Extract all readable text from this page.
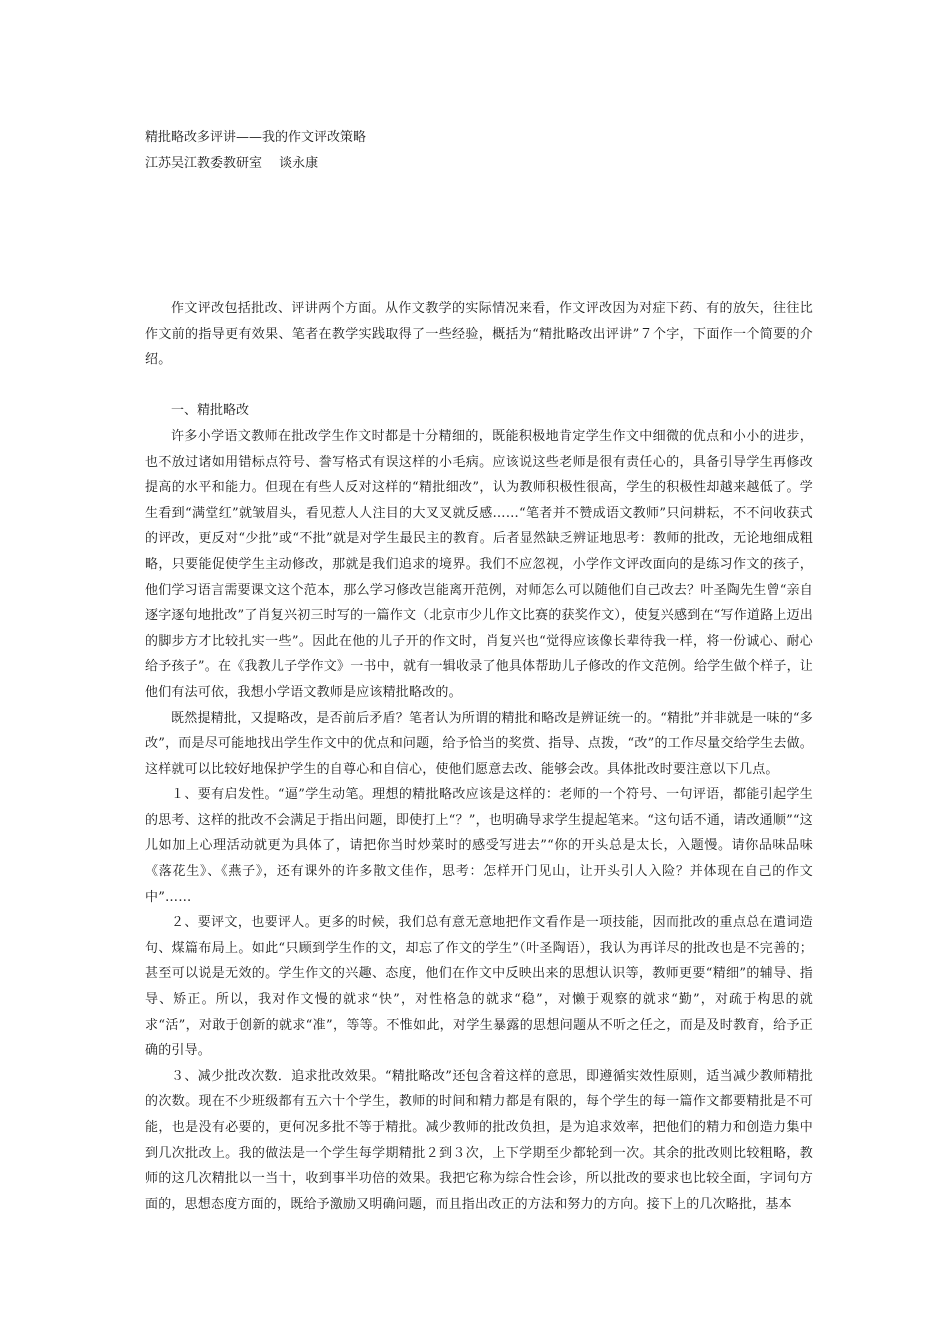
精批略改多评讲——我的作文评改策略

江苏吴江教委教研室　 谈永康

作文评改包括批改、评讲两个方面。从作文教学的实际情况来看，作文评改因为对症下药、有的放矢，往往比作文前的指导更有效果、笔者在教学实践取得了一些经验，概括为“精批略改出评讲”７个字，下面作一个简要的介绍。

一、精批略改

许多小学语文教师在批改学生作文时都是十分精细的，既能积极地肯定学生作文中细微的优点和小小的进步，也不放过诸如用错标点符号、誊写格式有误这样的小毛病。应该说这些老师是很有责任心的，具备引导学生再修改提高的水平和能力。但现在有些人反对这样的“精批细改”，认为教师积极性很高，学生的积极性却越来越低了。学生看到“满堂红”就皱眉头，看见惹人人注目的大叉叉就反感……“笔者并不赞成语文教师”只问耕耘，不不问收获式的评改，更反对“少批”或“不批”就是对学生最民主的教育。后者显然缺乏辨证地思考：教师的批改，无论地细成粗略，只要能促使学生主动修改，那就是我们追求的境界。我们不应忽视，小学作文评改面向的是练习作文的孩子，他们学习语言需要课文这个范本，那么学习修改岂能离开范例，对师怎么可以随他们自己改去？叶圣陶先生曾“亲自逐字逐句地批改”了肖复兴初三时写的一篇作文（北京市少儿作文比赛的获奖作文），使复兴感到在“写作道路上迈出的脚步方才比较扎实一些”。因此在他的儿子开的作文时，肖复兴也“觉得应该像长辈待我一样，将一份诚心、耐心给予孩子”。在《我教儿子学作文》一书中，就有一辑收录了他具体帮助儿子修改的作文范例。给学生做个样子，让他们有法可依，我想小学语文教师是应该精批略改的。

既然提精批，又提略改，是否前后矛盾？笔者认为所谓的精批和略改是辨证统一的。“精批”并非就是一味的“多改”，而是尽可能地找出学生作文中的优点和问题，给予恰当的奖赏、指导、点拨，“改”的工作尽量交给学生去做。这样就可以比较好地保护学生的自尊心和自信心，使他们愿意去改、能够会改。具体批改时要注意以下几点。

１、要有启发性。“逼”学生动笔。理想的精批略改应该是这样的：老师的一个符号、一句评语，都能引起学生的思考、这样的批改不会满足于指出问题，即使打上“？”，也明确导求学生提起笔来。“这句话不通，请改通顺”“这儿如加上心理活动就更为具体了，请把你当时炒菜时的感受写进去”“你的开头总是太长，入题慢。请你品味品味《落花生》、《燕子》，还有课外的许多散文佳作，思考：怎样开门见山，让开头引人入险？并体现在自己的作文中”……

２、要评文，也要评人。更多的时候，我们总有意无意地把作文看作是一项技能，因而批改的重点总在遣词造句、煤篇布局上。如此“只顾到学生作的文，却忘了作文的学生”（叶圣陶语），我认为再详尽的批改也是不完善的；甚至可以说是无效的。学生作文的兴趣、态度，他们在作文中反映出来的思想认识等，教师更要“精细”的辅导、指导、矫正。所以，我对作文慢的就求“快”，对性格急的就求“稳”，对懒于观察的就求“勤”，对疏于构思的就求“活”，对敢于创新的就求“准”，等等。不惟如此，对学生暴露的思想问题从不听之任之，而是及时教育，给予正确的引导。

３、减少批改次数．追求批改效果。“精批略改”还包含着这样的意思，即遵循实效性原则，适当减少教师精批的次数。现在不少班级都有五六十个学生，教师的时间和精力都是有限的，每个学生的每一篇作文都要精批是不可能，也是没有必要的，更何况多批不等于精批。减少教师的批改负担，是为追求效率，把他们的精力和创造力集中到几次批改上。我的做法是一个学生每学期精批２到３次，上下学期至少都轮到一次。其余的批改则比较粗略，教师的这几次精批以一当十，收到事半功倍的效果。我把它称为综合性会诊，所以批改的要求也比较全面，字词句方面的，思想态度方面的，既给予激励又明确问题，而且指出改正的方法和努力的方向。接下上的几次略批，基本
